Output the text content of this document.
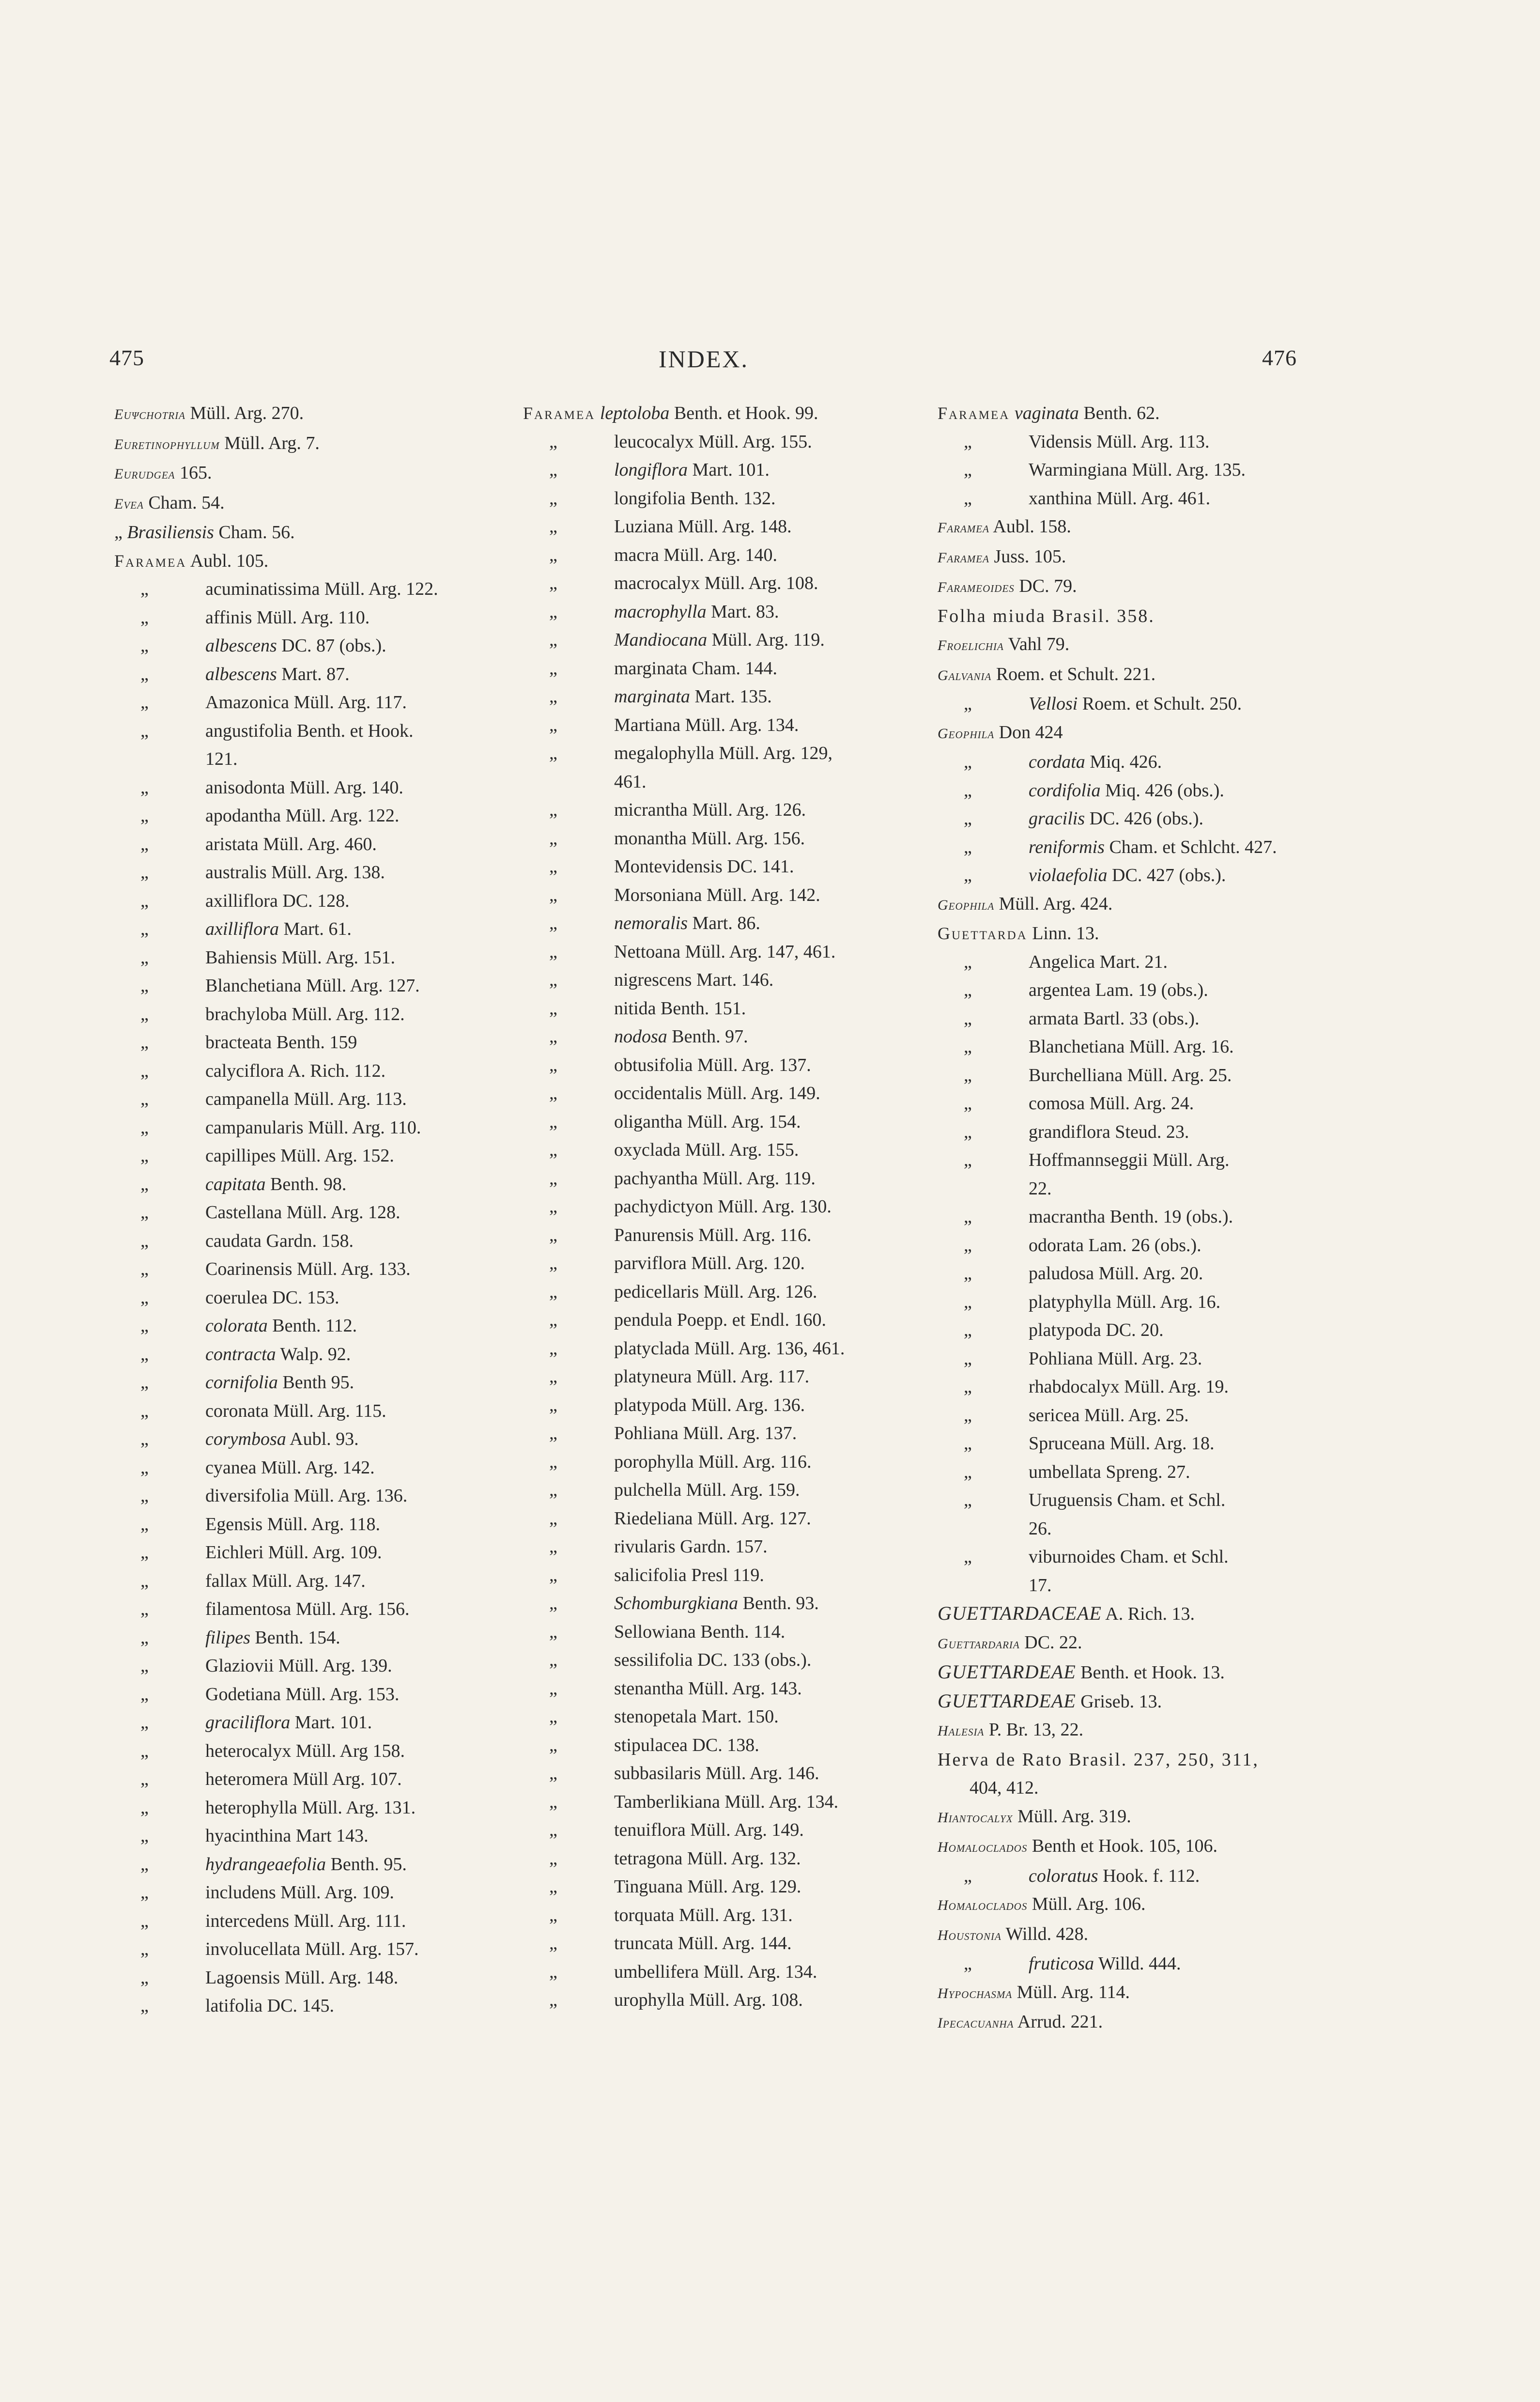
475	INDEX.	476
Euψchotria Müll. Arg. 270.
Euretinophyllum Müll. Arg. 7.
Eurudgea 165.
Evea Cham. 54.
„ Brasiliensis Cham. 56.
Faramea Aubl. 105.
„	acuminatissima Müll. Arg. 122.
„	affinis Müll. Arg. 110.
„	albescens DC. 87 (obs.).
„	albescens Mart. 87.
„	Amazonica Müll. Arg. 117.
„	angustifolia Benth. et Hook.
121.
„	anisodonta Müll. Arg. 140.
„	apodantha Müll. Arg. 122.
„	aristata Müll. Arg. 460.
„	australis Müll. Arg. 138.
„	axilliflora DC. 128.
„	axilliflora Mart. 61.
„	Bahiensis Müll. Arg. 151.
„	Blanchetiana Müll. Arg. 127.
„	brachyloba Müll. Arg. 112.
„	bracteata Benth. 159
„	calyciflora A. Rich. 112.
„	campanella Müll. Arg. 113.
„	campanularis Müll. Arg. 110.
„	capillipes Müll. Arg. 152.
„	capitata Benth. 98.
„	Castellana Müll. Arg. 128.
„	caudata Gardn. 158.
„	Coarinensis Müll. Arg. 133.
„	coerulea DC. 153.
„	colorata Benth. 112.
„	contracta Walp. 92.
„	cornifolia Benth 95.
„	coronata Müll. Arg. 115.
„	corymbosa Aubl. 93.
„	cyanea Müll. Arg. 142.
„	diversifolia Müll. Arg. 136.
„	Egensis Müll. Arg. 118.
„	Eichleri Müll. Arg. 109.
„	fallax Müll. Arg. 147.
„	filamentosa Müll. Arg. 156.
„	filipes Benth. 154.
„	Glaziovii Müll. Arg. 139.
„	Godetiana Müll. Arg. 153.
„	graciliflora Mart. 101.
„	heterocalyx Müll. Arg 158.
„	heteromera Müll Arg. 107.
„	heterophylla Müll. Arg. 131.
„	hyacinthina Mart 143.
„	hydrangeaefolia Benth. 95.
„	includens Müll. Arg. 109.
„	intercedens Müll. Arg. 111.
„	involucellata Müll. Arg. 157.
„	Lagoensis Müll. Arg. 148.
„	latifolia DC. 145.
Faramea leptoloba Benth. et Hook. 99.
„	leucocalyx Müll. Arg. 155.
„	longiflora Mart. 101.
„	longifolia Benth. 132.
„	Luziana Müll. Arg. 148.
„	macra Müll. Arg. 140.
„	macrocalyx Müll. Arg. 108.
„	macrophylla Mart. 83.
„	Mandiocana Müll. Arg. 119.
„	marginata Cham. 144.
„	marginata Mart. 135.
„	Martiana Müll. Arg. 134.
„	megalophylla Müll. Arg. 129,
461.
„	micrantha Müll. Arg. 126.
„	monantha Müll. Arg. 156.
„	Montevidensis DC. 141.
„	Morsoniana Müll. Arg. 142.
„	nemoralis Mart. 86.
„	Nettoana Müll. Arg. 147, 461.
„	nigrescens Mart. 146.
„	nitida Benth. 151.
„	nodosa Benth. 97.
„	obtusifolia Müll. Arg. 137.
„	occidentalis Müll. Arg. 149.
„	oligantha Müll. Arg. 154.
„	oxyclada Müll. Arg. 155.
„	pachyantha Müll. Arg. 119.
„	pachydictyon Müll. Arg. 130.
„	Panurensis Müll. Arg. 116.
„	parviflora Müll. Arg. 120.
„	pedicellaris Müll. Arg. 126.
„	pendula Poepp. et Endl. 160.
„	platyclada Müll. Arg. 136, 461.
„	platyneura Müll. Arg. 117.
„	platypoda Müll. Arg. 136.
„	Pohliana Müll. Arg. 137.
„	porophylla Müll. Arg. 116.
„	pulchella Müll. Arg. 159.
„	Riedeliana Müll. Arg. 127.
„	rivularis Gardn. 157.
„	salicifolia Presl 119.
„	Schomburgkiana Benth. 93.
„	Sellowiana Benth. 114.
„	sessilifolia DC. 133 (obs.).
„	stenantha Müll. Arg. 143.
„	stenopetala Mart. 150.
„	stipulacea DC. 138.
„	subbasilaris Müll. Arg. 146.
„	Tamberlikiana Müll. Arg. 134.
„	tenuiflora Müll. Arg. 149.
„	tetragona Müll. Arg. 132.
„	Tinguana Müll. Arg. 129.
„	torquata Müll. Arg. 131.
„	truncata Müll. Arg. 144.
„	umbellifera Müll. Arg. 134.
„	urophylla Müll. Arg. 108.
Faramea vaginata Benth. 62.
„	Vidensis Müll. Arg. 113.
„	Warmingiana Müll. Arg. 135.
„	xanthina Müll. Arg. 461.
Faramea Aubl. 158.
Faramea Juss. 105.
Farameoides DC. 79.
Folha miuda Brasil. 358.
Froelichia Vahl 79.
Galvania Roem. et Schult. 221.
„	Vellosi Roem. et Schult. 250.
Geophila Don 424
„	cordata Miq. 426.
„	cordifolia Miq. 426 (obs.).
„	gracilis DC. 426 (obs.).
„	reniformis Cham. et Schlcht. 427.
„	violaefolia DC. 427 (obs.).
Geophila Müll. Arg. 424.
Guettarda Linn. 13.
„	Angelica Mart. 21.
„	argentea Lam. 19 (obs.).
„	armata Bartl. 33 (obs.).
„	Blanchetiana Müll. Arg. 16.
„	Burchelliana Müll. Arg. 25.
„	comosa Müll. Arg. 24.
„	grandiflora Steud. 23.
„	Hoffmannseggii Müll. Arg.
22.
„	macrantha Benth. 19 (obs.).
„	odorata Lam. 26 (obs.).
„	paludosa Müll. Arg. 20.
„	platyphylla Müll. Arg. 16.
„	platypoda DC. 20.
„	Pohliana Müll. Arg. 23.
„	rhabdocalyx Müll. Arg. 19.
„	sericea Müll. Arg. 25.
„	Spruceana Müll. Arg. 18.
„	umbellata Spreng. 27.
„	Uruguensis Cham. et Schl.
26.
„	viburnoides Cham. et Schl.
17.
GUETTARDACEAE A. Rich. 13.
Guettardaria DC. 22.
GUETTARDEAE Benth. et Hook. 13.
GUETTARDEAE Griseb. 13.
Halesia P. Br. 13, 22.
Herva de Rato Brasil. 237, 250, 311,
404, 412.
Hiantocalyx Müll. Arg. 319.
Homaloclados Benth et Hook. 105, 106.
„	coloratus Hook. f. 112.
Homaloclados Müll. Arg. 106.
Houstonia Willd. 428.
„	fruticosa Willd. 444.
Hypochasma Müll. Arg. 114.
Ipecacuanha Arrud. 221.
